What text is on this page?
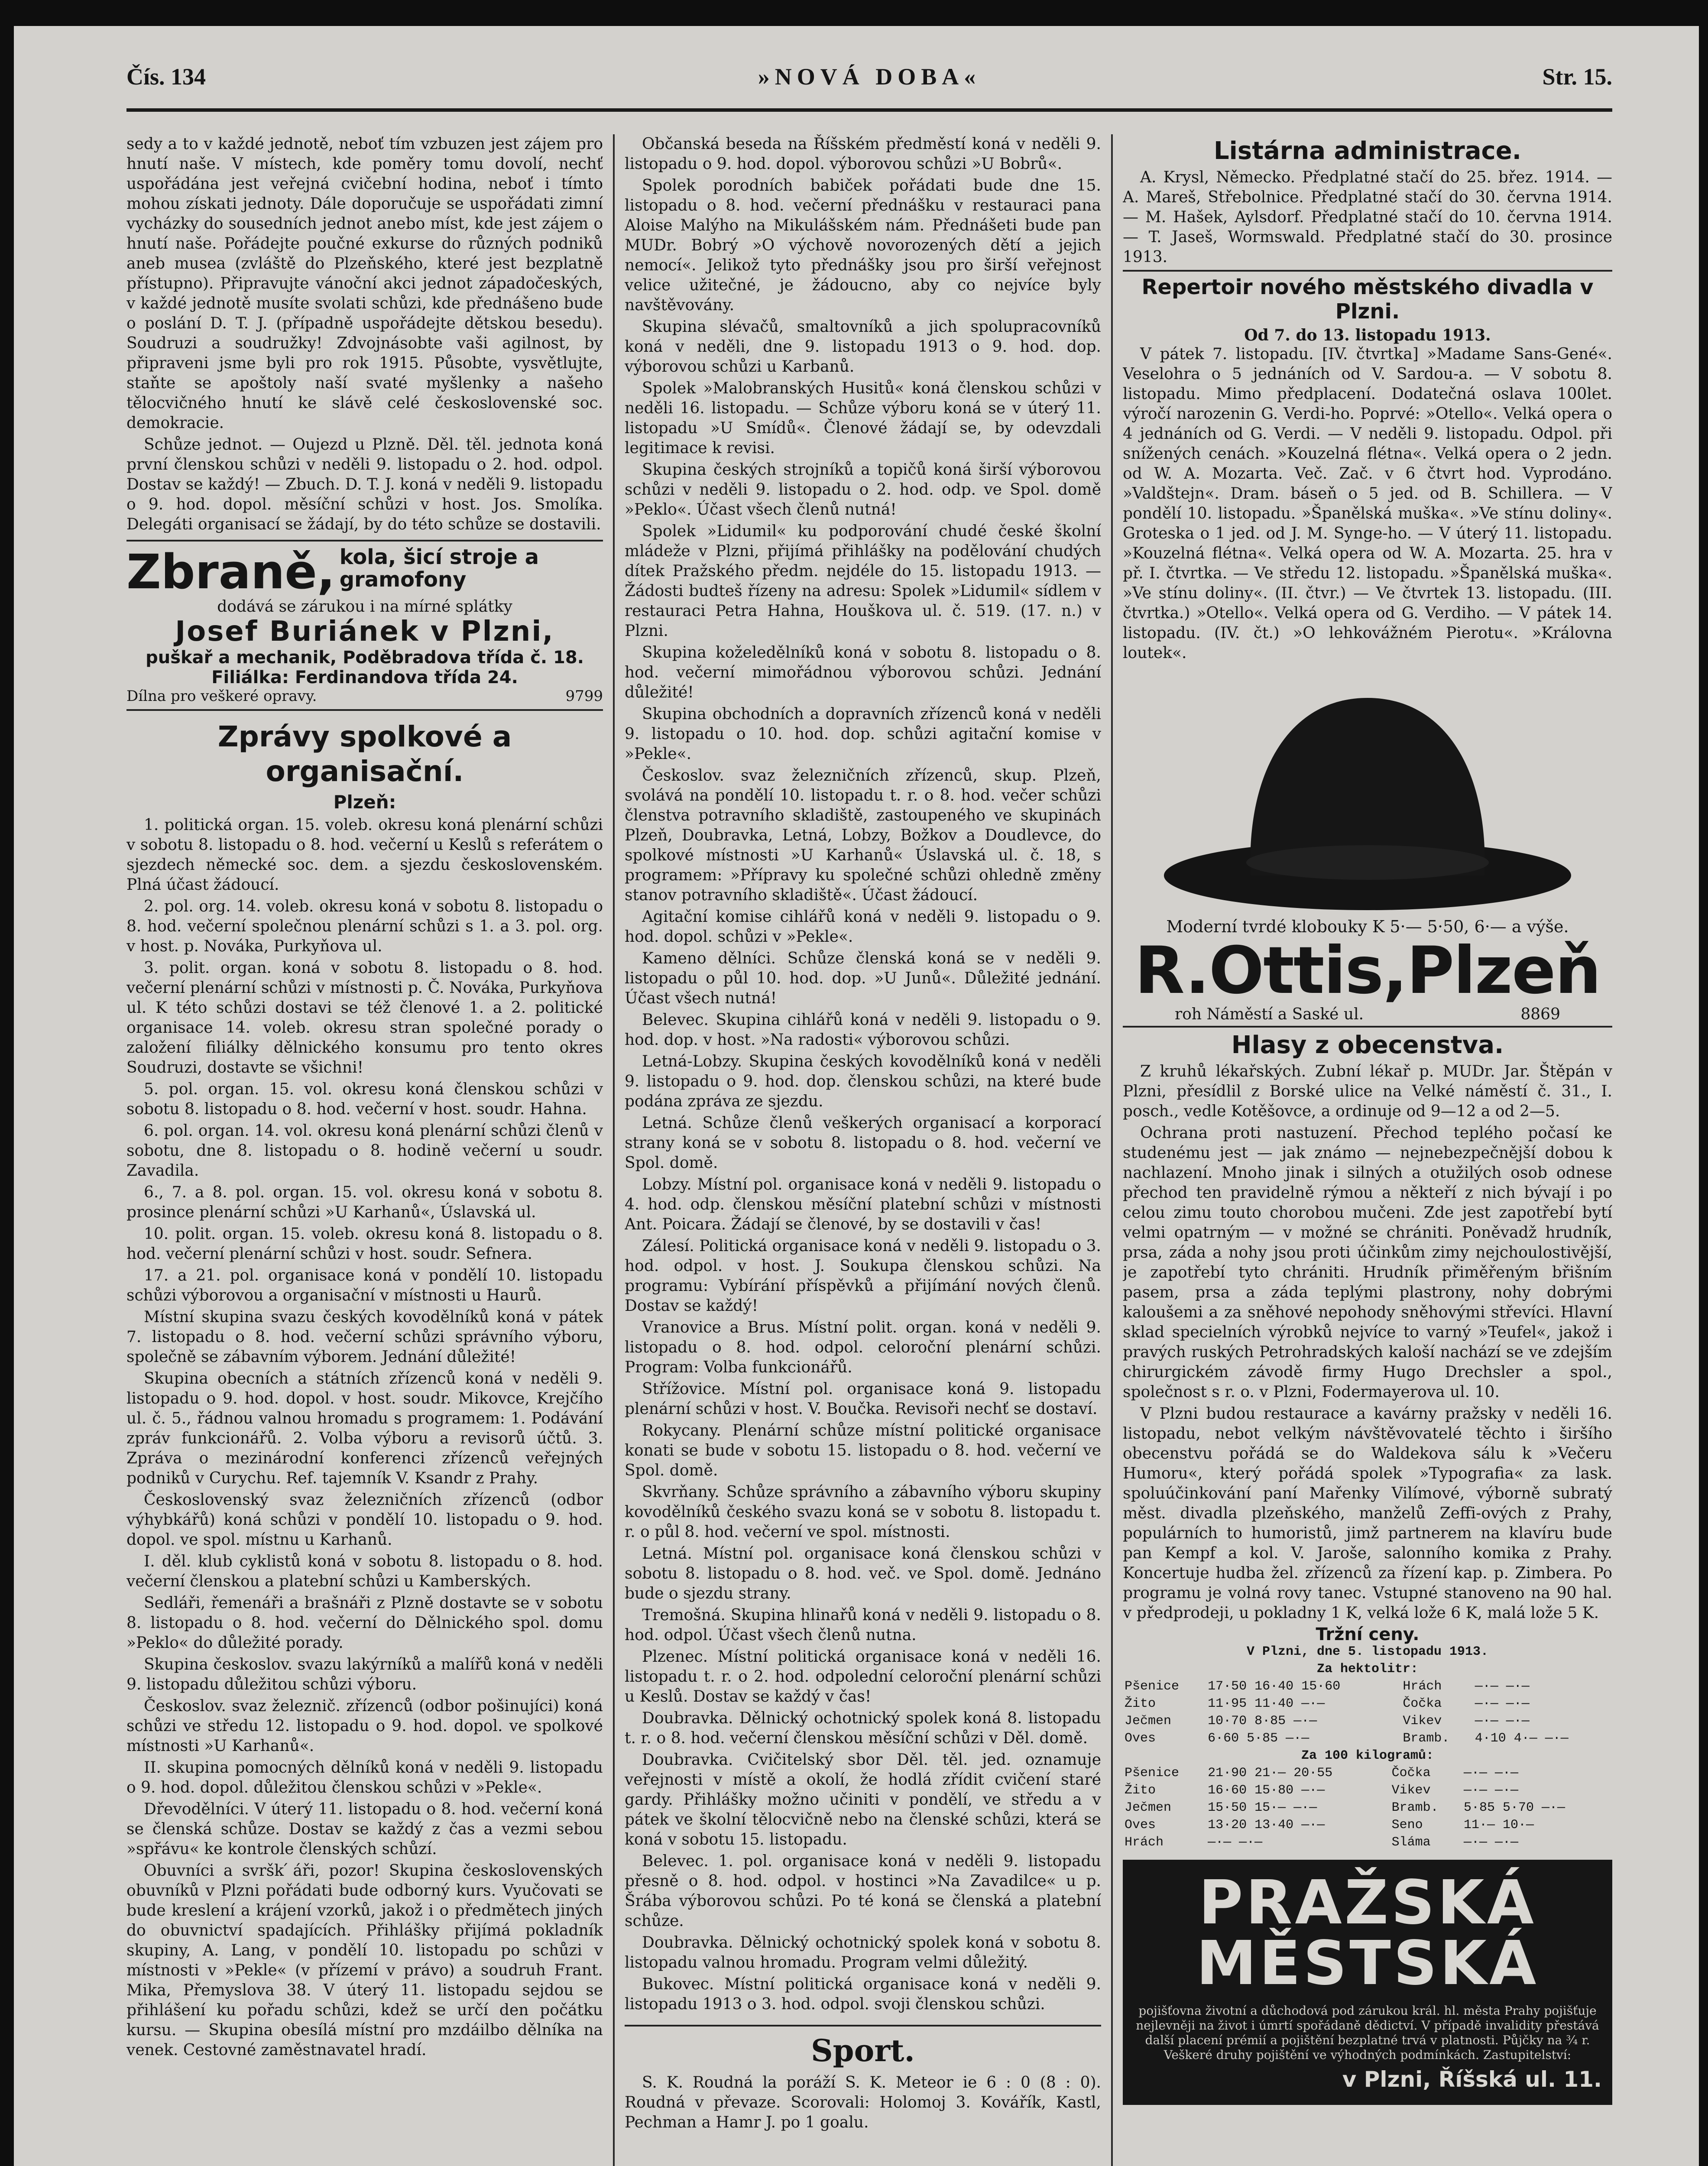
Čís. 134	»NOVÁ DOBA«	Str. 15.

sedy a to v každé jednotě, neboť tím vzbuzen jest zájem pro hnutí naše. V místech, kde poměry tomu dovolí, nechť uspořádána jest veřejná cvičební hodina, neboť i tímto mohou získati jednoty. Dále doporučuje se uspořádati zimní vycházky do sousedních jednot anebo míst, kde jest zájem o hnutí naše. Pořádejte poučné exkurse do různých podniků aneb musea (zvláště do Plzeňského, které jest bezplatně přístupno). Připravujte vánoční akci jednot západočeských, v každé jednotě musíte svolati schůzi, kde přednášeno bude o poslání D. T. J. (případně uspořádejte dětskou besedu). Soudruzi a soudružky! Zdvojnásobte vaši agilnost, by připraveni jsme byli pro rok 1915. Působte, vysvětlujte, staňte se apoštoly naší svaté myšlenky a našeho tělocvičného hnutí ke slávě celé československé soc. demokracie.

Schůze jednot. — Oujezd u Plzně. Děl. těl. jednota koná první členskou schůzi v neděli 9. listopadu o 2. hod. odpol. Dostav se každý! — Zbuch. D. T. J. koná v neděli 9. listopadu o 9. hod. dopol. měsíční schůzi v host. Jos. Smolíka. Delegáti organisací se žádají, by do této schůze se dostavili.

Zbraně, kola, šicí stroje a gramofony
dodává se zárukou i na mírné splátky
Josef Buriánek v Plzni,
puškař a mechanik, Poděbradova třída č. 18. Filiálka: Ferdinandova třída 24.
Dílna pro veškeré opravy.	9799
Zprávy spolkové a organisační.
Plzeň:

1. politická organ. 15. voleb. okresu koná plenární schůzi v sobotu 8. listopadu o 8. hod. večerní u Keslů s referátem o sjezdech německé soc. dem. a sjezdu československém. Plná účast žádoucí.

2. pol. org. 14. voleb. okresu koná v sobotu 8. listopadu o 8. hod. večerní společnou plenární schůzi s 1. a 3. pol. org. v host. p. Nováka, Purkyňova ul.

3. polit. organ. koná v sobotu 8. listopadu o 8. hod. večerní plenární schůzi v místnosti p. Č. Nováka, Purkyňova ul. K této schůzi dostavi se též členové 1. a 2. politické organisace 14. voleb. okresu stran společné porady o založení filiálky dělnického konsumu pro tento okres Soudruzi, dostavte se všichni!

5. pol. organ. 15. vol. okresu koná členskou schůzi v sobotu 8. listopadu o 8. hod. večerní v host. soudr. Hahna.

6. pol. organ. 14. vol. okresu koná plenární schůzi členů v sobotu, dne 8. listopadu o 8. hodině večerní u soudr. Zavadila.

6., 7. a 8. pol. organ. 15. vol. okresu koná v sobotu 8. prosince plenární schůzi »U Karhanů«, Úslavská ul.

10. polit. organ. 15. voleb. okresu koná 8. listopadu o 8. hod. večerní plenární schůzi v host. soudr. Sefnera.

17. a 21. pol. organisace koná v pondělí 10. listopadu schůzi výborovou a organisační v místnosti u Haurů.

Místní skupina svazu českých kovodělníků koná v pátek 7. listopadu o 8. hod. večerní schůzi správního výboru, společně se zábavním výborem. Jednání důležité!

Skupina obecních a státních zřízenců koná v neděli 9. listopadu o 9. hod. dopol. v host. soudr. Mikovce, Krejčího ul. č. 5., řádnou valnou hromadu s programem: 1. Podávání zpráv funkcionářů. 2. Volba výboru a revisorů účtů. 3. Zpráva o mezinárodní konferenci zřízenců veřejných podniků v Curychu. Ref. tajemník V. Ksandr z Prahy.

Československý svaz železničních zřízenců (odbor výhybkářů) koná schůzi v pondělí 10. listopadu o 9. hod. dopol. ve spol. místnu u Karhanů.

I. děl. klub cyklistů koná v sobotu 8. listopadu o 8. hod. večerní členskou a platební schůzi u Kamberských.

Sedláři, řemenáři a brašnáři z Plzně dostavte se v sobotu 8. listopadu o 8. hod. večerní do Dělnického spol. domu »Peklo« do důležité porady.

Skupina českoslov. svazu lakýrníků a malířů koná v neděli 9. listopadu důležitou schůzi výboru.

Českoslov. svaz železnič. zřízenců (odbor pošinujíci) koná schůzi ve středu 12. listopadu o 9. hod. dopol. ve spolkové místnosti »U Karhanů«.

II. skupina pomocných dělníků koná v neděli 9. listopadu o 9. hod. dopol. důležitou členskou schůzi v »Pekle«.

Dřevodělníci. V úterý 11. listopadu o 8. hod. večerní koná se členská schůze. Dostav se každý z čas a vezmi sebou »spr̆ávu« ke kontrole členských schůzí.

Obuvníci a svršk ́áři, pozor! Skupina československých obuvníků v Plzni pořádati bude odborný kurs. Vyučovati se bude kreslení a krájení vzorků, jakož i o předmětech jiných do obuvnictví spadajících. Přihlášky přijímá pokladník skupiny, A. Lang, v pondělí 10. listopadu po schůzi v místnosti v »Pekle« (v přízemí v právo) a soudruh Frant. Mika, Přemyslova 38. V úterý 11. listopadu sejdou se přihlášení ku pořadu schůzi, kdež se určí den počátku kursu. — Skupina obesílá místní pro mzdáilbo dělníka na venek. Cestovné zaměstnavatel hradí.

Občanská beseda na Říšském předměstí koná v neděli 9. listopadu o 9. hod. dopol. výborovou schůzi »U Bobrů«.

Spolek porodních babiček pořádati bude dne 15. listopadu o 8. hod. večerní přednášku v restauraci pana Aloise Malýho na Mikulášském nám. Přednášeti bude pan MUDr. Bobrý »O výchově novorozených dětí a jejich nemocí«. Jelikož tyto přednášky jsou pro širší veřejnost velice užitečné, je žádoucno, aby co nejvíce byly navštěvovány.

Skupina slévačů, smaltovníků a jich spolupracovníků koná v neděli, dne 9. listopadu 1913 o 9. hod. dop. výborovou schůzi u Karbanů.

Spolek »Malobranských Husitů« koná členskou schůzi v neděli 16. listopadu. — Schůze výboru koná se v úterý 11. listopadu »U Smídů«. Členové žádají se, by odevzdali legitimace k revisi.

Skupina českých strojníků a topičů koná širší výborovou schůzi v neděli 9. listopadu o 2. hod. odp. ve Spol. domě »Peklo«. Účast všech členů nutná!

Spolek »Lidumil« ku podporování chudé české školní mládeže v Plzni, přijímá přihlášky na podělování chudých dítek Pražského předm. nejdéle do 15. listopadu 1913. — Žádosti budteš řízeny na adresu: Spolek »Lidumil« sídlem v restauraci Petra Hahna, Houškova ul. č. 519. (17. n.) v Plzni.

Skupina koželedělníků koná v sobotu 8. listopadu o 8. hod. večerní mimořádnou výborovou schůzi. Jednání důležité!

Skupina obchodních a dopravních zřízenců koná v neděli 9. listopadu o 10. hod. dop. schůzi agitační komise v »Pekle«.

Českoslov. svaz železničních zřízenců, skup. Plzeň, svolává na pondělí 10. listopadu t. r. o 8. hod. večer schůzi členstva potravního skladiště, zastoupeného ve skupinách Plzeň, Doubravka, Letná, Lobzy, Božkov a Doudlevce, do spolkové místnosti »U Karhanů« Úslavská ul. č. 18, s programem: »Přípravy ku společné schůzi ohledně změny stanov potravního skladiště«. Účast žádoucí.

Agitační komise cihlářů koná v neděli 9. listopadu o 9. hod. dopol. schůzi v »Pekle«.

Kameno dělníci. Schůze členská koná se v neděli 9. listopadu o půl 10. hod. dop. »U Junů«. Důležité jednání. Účast všech nutná!

Belevec. Skupina cihlářů koná v neděli 9. listopadu o 9. hod. dop. v host. »Na radosti« výborovou schůzi.

Letná-Lobzy. Skupina českých kovodělníků koná v neděli 9. listopadu o 9. hod. dop. členskou schůzi, na které bude podána zpráva ze sjezdu.

Letná. Schůze členů veškerých organisací a korporací strany koná se v sobotu 8. listopadu o 8. hod. večerní ve Spol. domě.

Lobzy. Místní pol. organisace koná v neděli 9. listopadu o 4. hod. odp. členskou měsíční platební schůzi v místnosti Ant. Poicara. Žádají se členové, by se dostavili v čas!

Zálesí. Politická organisace koná v neděli 9. listopadu o 3. hod. odpol. v host. J. Soukupa členskou schůzi. Na programu: Vybírání příspěvků a přijímání nových členů. Dostav se každý!

Vranovice a Brus. Místní polit. organ. koná v neděli 9. listopadu o 8. hod. odpol. celoroční plenární schůzi. Program: Volba funkcionářů.

Střížovice. Místní pol. organisace koná 9. listopadu plenární schůzi v host. V. Boučka. Revisoři nechť se dostaví.

Rokycany. Plenární schůze místní politické organisace konati se bude v sobotu 15. listopadu o 8. hod. večerní ve Spol. domě.

Skvrňany. Schůze správního a zábavního výboru skupiny kovodělníků českého svazu koná se v sobotu 8. listopadu t. r. o půl 8. hod. večerní ve spol. místnosti.

Letná. Místní pol. organisace koná členskou schůzi v sobotu 8. listopadu o 8. hod. več. ve Spol. domě. Jednáno bude o sjezdu strany.

Tremošná. Skupina hlinařů koná v neděli 9. listopadu o 8. hod. odpol. Účast všech členů nutna.

Plzenec. Místní politická organisace koná v neděli 16. listopadu t. r. o 2. hod. odpolední celoroční plenární schůzi u Keslů. Dostav se každý v čas!

Doubravka. Dělnický ochotnický spolek koná 8. listopadu t. r. o 8. hod. večerní členskou měsíční schůzi v Děl. domě.

Doubravka. Cvičitelský sbor Děl. těl. jed. oznamuje veřejnosti v místě a okolí, že hodlá zřídit cvičení staré gardy. Přihlášky možno učiniti v pondělí, ve středu a v pátek ve školní tělocvičně nebo na členské schůzi, která se koná v sobotu 15. listopadu.

Belevec. 1. pol. organisace koná v neděli 9. listopadu přesně o 8. hod. odpol. v hostinci »Na Zavadilce« u p. Šrába výborovou schůzi. Po té koná se členská a platební schůze.

Doubravka. Dělnický ochotnický spolek koná v sobotu 8. listopadu valnou hromadu. Program velmi důležitý.

Bukovec. Místní politická organisace koná v neděli 9. listopadu 1913 o 3. hod. odpol. svoji členskou schůzi.

Sport.

S. K. Roudná la poráží S. K. Meteor ie 6 : 0 (8 : 0). Roudná v převaze. Scorovali: Holomoj 3. Kovářík, Kastl, Pechman a Hamr J. po 1 goalu.

Listárna administrace.

A. Krysl, Německo. Předplatné stačí do 25. břez. 1914. — A. Mareš, Střebolnice. Předplatné stačí do 30. června 1914. — M. Hašek, Aylsdorf. Předplatné stačí do 10. června 1914. — T. Jaseš, Wormswald. Předplatné stačí do 30. prosince 1913.

Repertoir nového městského divadla v Plzni.
Od 7. do 13. listopadu 1913.

V pátek 7. listopadu. [IV. čtvrtka] »Madame Sans-Gené«. Veselohra o 5 jednáních od V. Sardou-a. — V sobotu 8. listopadu. Mimo předplacení. Dodatečná oslava 100let. výročí narozenin G. Verdi-ho. Poprvé: »Otello«. Velká opera o 4 jednáních od G. Verdi. — V neděli 9. listopadu. Odpol. při snížených cenách. »Kouzelná flétna«. Velká opera o 2 jedn. od W. A. Mozarta. Več. Zač. v 6 čtvrt hod. Vyprodáno. »Valdštejn«. Dram. báseň o 5 jed. od B. Schillera. — V pondělí 10. listopadu. »Španělská muška«. »Ve stínu doliny«. Groteska o 1 jed. od J. M. Synge-ho. — V úterý 11. listopadu. »Kouzelná flétna«. Velká opera od W. A. Mozarta. 25. hra v př. I. čtvrtka. — Ve středu 12. listopadu. »Španělská muška«. »Ve stínu doliny«. (II. čtvr.) — Ve čtvrtek 13. listopadu. (III. čtvrtka.) »Otello«. Velká opera od G. Verdiho. — V pátek 14. listopadu. (IV. čt.) »O lehkovážném Pierotu«. »Královna loutek«.

Moderní tvrdé klobouky K 5·— 5·50, 6·— a výše.
R.Ottis,Plzeň
roh Náměstí a Saské ul.	8869
Hlasy z obecenstva.

Z kruhů lékařských. Zubní lékař p. MUDr. Jar. Štěpán v Plzni, přesídlil z Borské ulice na Velké náměstí č. 31., I. posch., vedle Kotěšovce, a ordinuje od 9—12 a od 2—5.

Ochrana proti nastuzení. Přechod teplého počasí ke studenému jest — jak známo — nejnebezpečnější dobou k nachlazení. Mnoho jinak i silných a otužilých osob odnese přechod ten pravidelně rýmou a někteří z nich bývají i po celou zimu touto chorobou mučeni. Zde jest zapotřebí bytí velmi opatrným — v možné se chrániti. Poněvadž hrudník, prsa, záda a nohy jsou proti účinkům zimy nejchoulostivější, je zapotřebí tyto chrániti. Hrudník přiměřeným břišním pasem, prsa a záda teplými plastrony, nohy dobrými kaloušemi a za sněhové nepohody sněhovými střevíci. Hlavní sklad specielních výrobků nejvíce to varný »Teufel«, jakož i pravých ruských Petrohradských kaloší nachází se ve zdejším chirurgickém závodě firmy Hugo Drechsler a spol., společnost s r. o. v Plzni, Fodermayerova ul. 10.

V Plzni budou restaurace a kavárny pražsky v neděli 16. listopadu, nebot velkým návštěvovatelé těchto i širšího obecenstvu pořádá se do Waldekova sálu k »Večeru Humoru«, který pořádá spolek »Typografia« za lask. spoluúčinkování paní Mařenky Vilímové, výborně subratý měst. divadla plzeňského, manželů Zeffi-ových z Prahy, populárních to humoristů, jimž partnerem na klavíru bude pan Kempf a kol. V. Jaroše, salonního komika z Prahy. Koncertuje hudba žel. zřízenců za řízení kap. p. Zimbera. Po programu je volná rovy tanec. Vstupné stanoveno na 90 hal. v předprodeji, u pokladny 1 K, velká lože 6 K, malá lože 5 K.

Tržní ceny.
V Plzni, dne 5. listopadu 1913.
Za hektolitr:
Pšenice	17·50 16·40 15·60	Hrách	—·— —·—
Žito	11·95 11·40 —·—	Čočka	—·— —·—
Ječmen	10·70 8·85 —·—	Vikev	—·— —·—
Oves	6·60 5·85 —·—	Bramb.	4·10 4·— —·—
Za 100 kilogramů:
Pšenice	21·90 21·— 20·55	Čočka	—·— —·—
Žito	16·60 15·80 —·—	Vikev	—·— —·—
Ječmen	15·50 15·— —·—	Bramb.	5·85 5·70 —·—
Oves	13·20 13·40 —·—	Seno	11·— 10·—
Hrách	—·— —·—	Sláma	—·— —·—
PRAŽSKÁ MĚSTSKÁ
pojišťovna životní a důchodová pod zárukou král. hl. města Prahy pojišťuje nejlevněji na život i úmrtí spořádaně dědictví. V případě invalidity přestává další placení prémií a pojištění bezplatné trvá v platnosti. Půjčky na ¾ r. Veškeré druhy pojištění ve výhodných podmínkách. Zastupitelství:
v Plzni, Říšská ul. 11.
